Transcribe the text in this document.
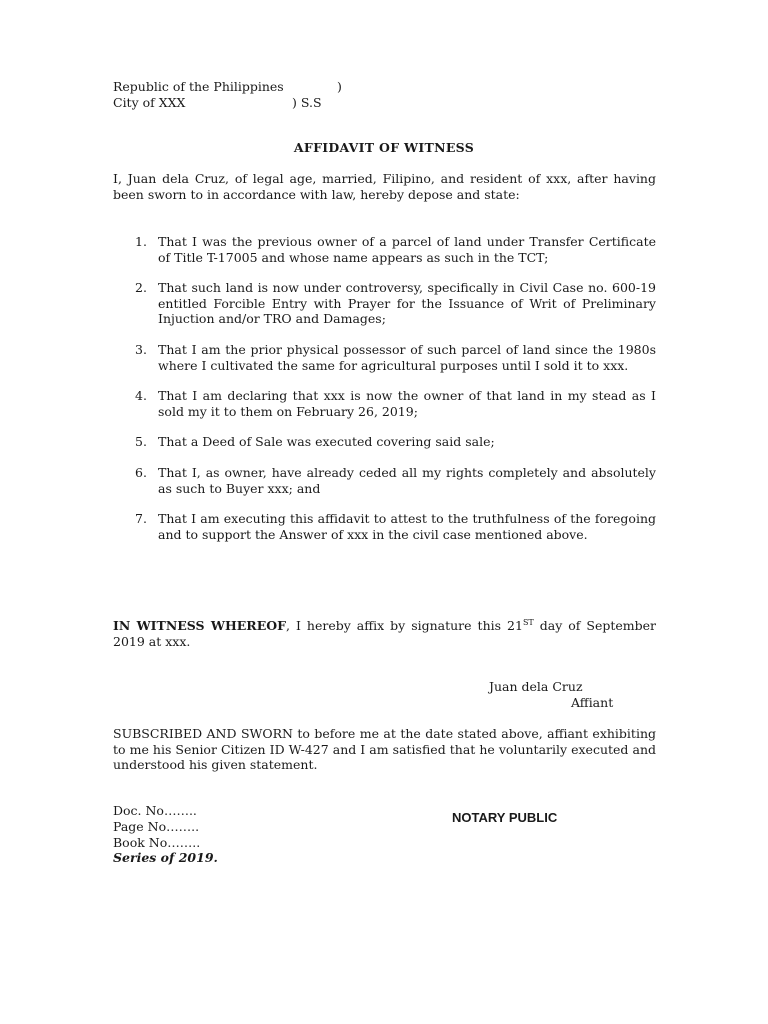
Republic of the Philippines	)
City of XXX	) S.S
AFFIDAVIT OF WITNESS
I, Juan dela Cruz, of legal age, married, Filipino, and resident of xxx, after having been sworn to in accordance with law, hereby depose and state:
1. That I was the previous owner of a parcel of land under Transfer Certificate of Title T-17005 and whose name appears as such in the TCT;
2. That such land is now under controversy, specifically in Civil Case no. 600-19 entitled Forcible Entry with Prayer for the Issuance of Writ of Preliminary Injuction and/or TRO and Damages;
3. That I am the prior physical possessor of such parcel of land since the 1980s where I cultivated the same for agricultural purposes until I sold it to xxx.
4. That I am declaring that xxx is now the owner of that land in my stead as I sold my it to them on February 26, 2019;
5. That a Deed of Sale was executed covering said sale;
6. That I, as owner, have already ceded all my rights completely and absolutely as such to Buyer xxx; and
7. That I am executing this affidavit to attest to the truthfulness of the foregoing and to support the Answer of xxx in the civil case mentioned above.
IN WITNESS WHEREOF, I hereby affix by signature this 21ST day of September 2019 at xxx.
Juan dela Cruz
Affiant
SUBSCRIBED AND SWORN to before me at the date stated above, affiant exhibiting to me his Senior Citizen ID W-427 and I am satisfied that he voluntarily executed and understood his given statement.
Doc. No……..
Page No……..
Book No……..
Series of 2019.
NOTARY PUBLIC
